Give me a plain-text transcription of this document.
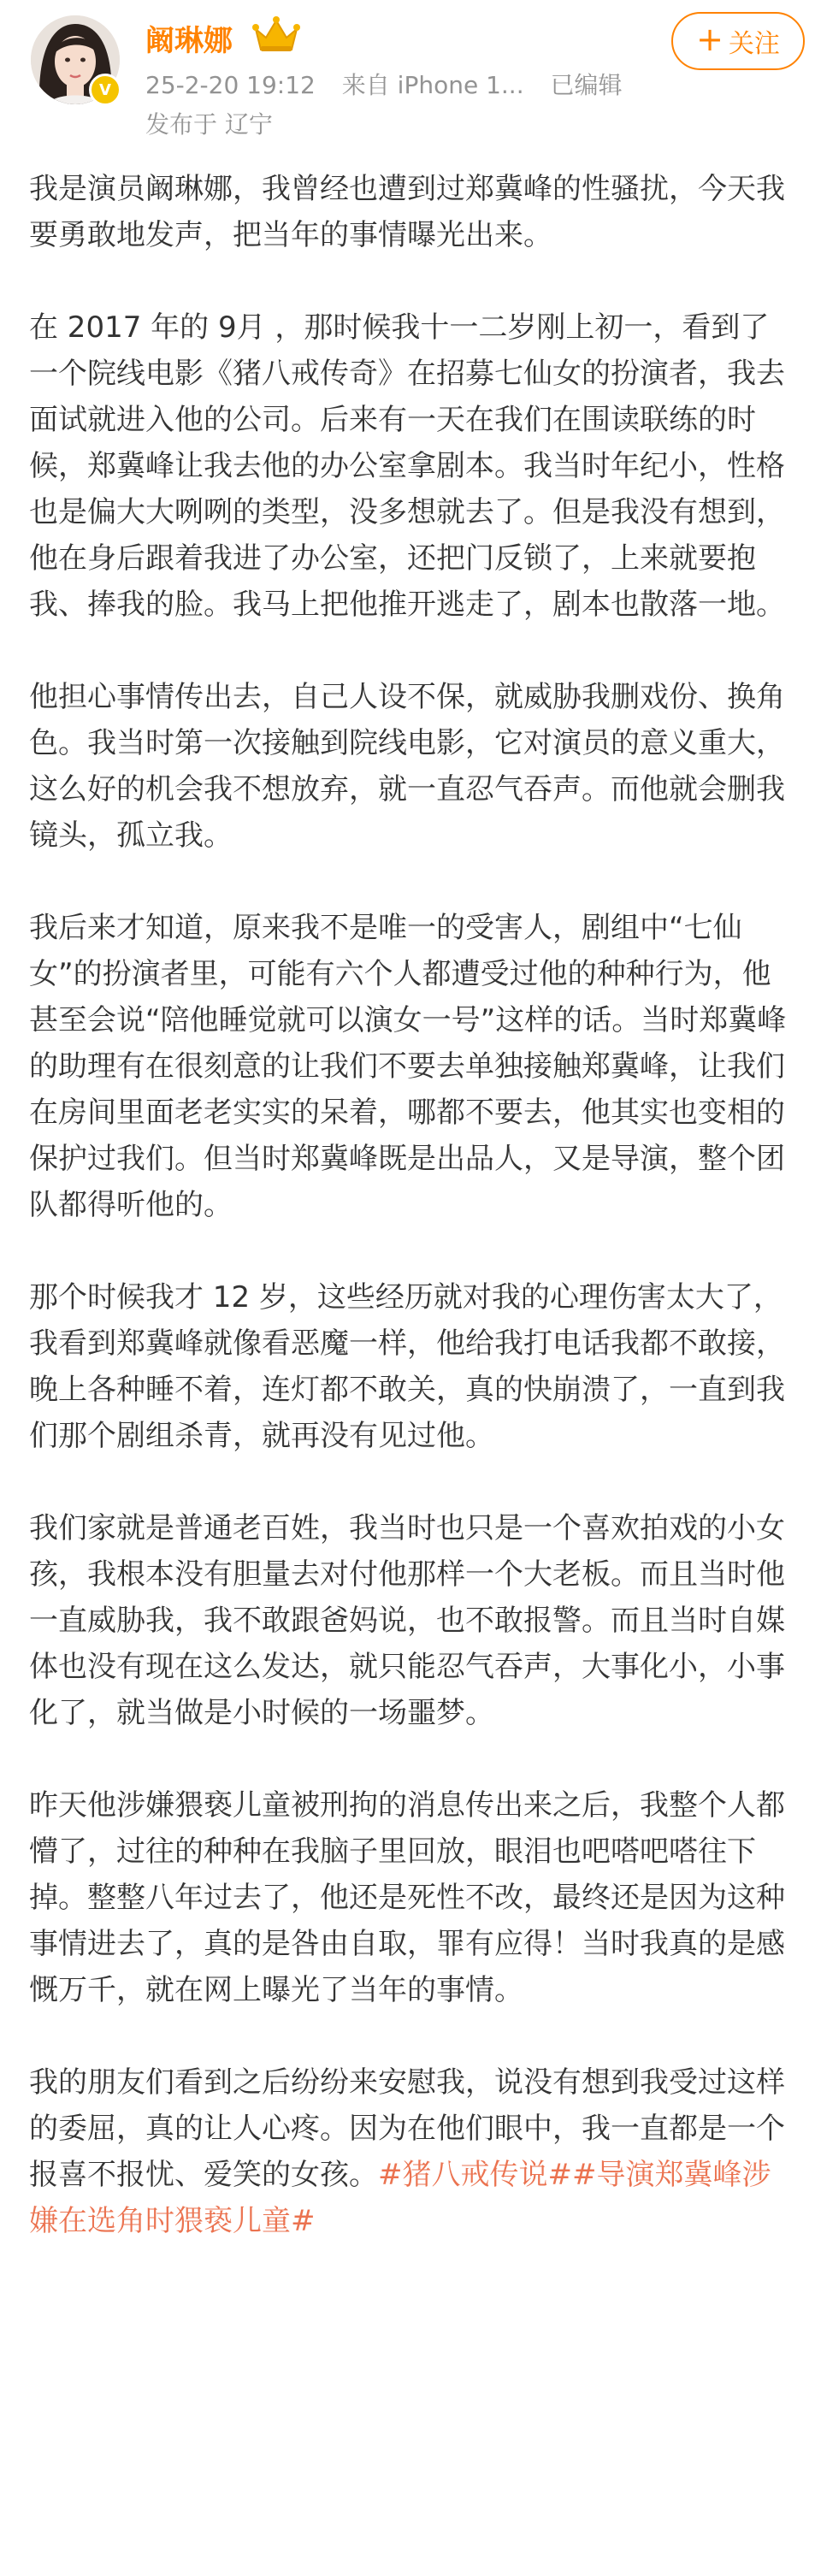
V
阚琳娜
25-2-20 19:12 来自 iPhone 1... 已编辑
发布于 辽宁
+ 关注

我是演员阚琳娜，我曾经也遭到过郑冀峰的性骚扰，今天我要勇敢地发声，把当年的事情曝光出来。

在 2017 年的 9月 ，那时候我十一二岁刚上初一，看到了一个院线电影《猪八戒传奇》在招募七仙女的扮演者，我去面试就进入他的公司。后来有一天在我们在围读联练的时候，郑冀峰让我去他的办公室拿剧本。我当时年纪小，性格也是偏大大咧咧的类型，没多想就去了。但是我没有想到，他在身后跟着我进了办公室，还把门反锁了，上来就要抱我、捧我的脸。我马上把他推开逃走了，剧本也散落一地。

他担心事情传出去，自己人设不保，就威胁我删戏份、换角色。我当时第一次接触到院线电影，它对演员的意义重大，这么好的机会我不想放弃，就一直忍气吞声。而他就会删我镜头，孤立我。

我后来才知道，原来我不是唯一的受害人，剧组中“七仙女”的扮演者里，可能有六个人都遭受过他的种种行为，他甚至会说“陪他睡觉就可以演女一号”这样的话。当时郑冀峰的助理有在很刻意的让我们不要去单独接触郑冀峰，让我们在房间里面老老实实的呆着，哪都不要去，他其实也变相的保护过我们。但当时郑冀峰既是出品人，又是导演，整个团队都得听他的。

那个时候我才 12 岁，这些经历就对我的心理伤害太大了，我看到郑冀峰就像看恶魔一样，他给我打电话我都不敢接，晚上各种睡不着，连灯都不敢关，真的快崩溃了，一直到我们那个剧组杀青，就再没有见过他。

我们家就是普通老百姓，我当时也只是一个喜欢拍戏的小女孩，我根本没有胆量去对付他那样一个大老板。而且当时他一直威胁我，我不敢跟爸妈说，也不敢报警。而且当时自媒体也没有现在这么发达，就只能忍气吞声，大事化小，小事化了，就当做是小时候的一场噩梦。

昨天他涉嫌猥亵儿童被刑拘的消息传出来之后，我整个人都懵了，过往的种种在我脑子里回放，眼泪也吧嗒吧嗒往下掉。整整八年过去了，他还是死性不改，最终还是因为这种事情进去了，真的是咎由自取，罪有应得！当时我真的是感慨万千，就在网上曝光了当年的事情。

我的朋友们看到之后纷纷来安慰我，说没有想到我受过这样的委屈，真的让人心疼。因为在他们眼中，我一直都是一个报喜不报忧、爱笑的女孩。#猪八戒传说##导演郑冀峰涉嫌在选角时猥亵儿童#
